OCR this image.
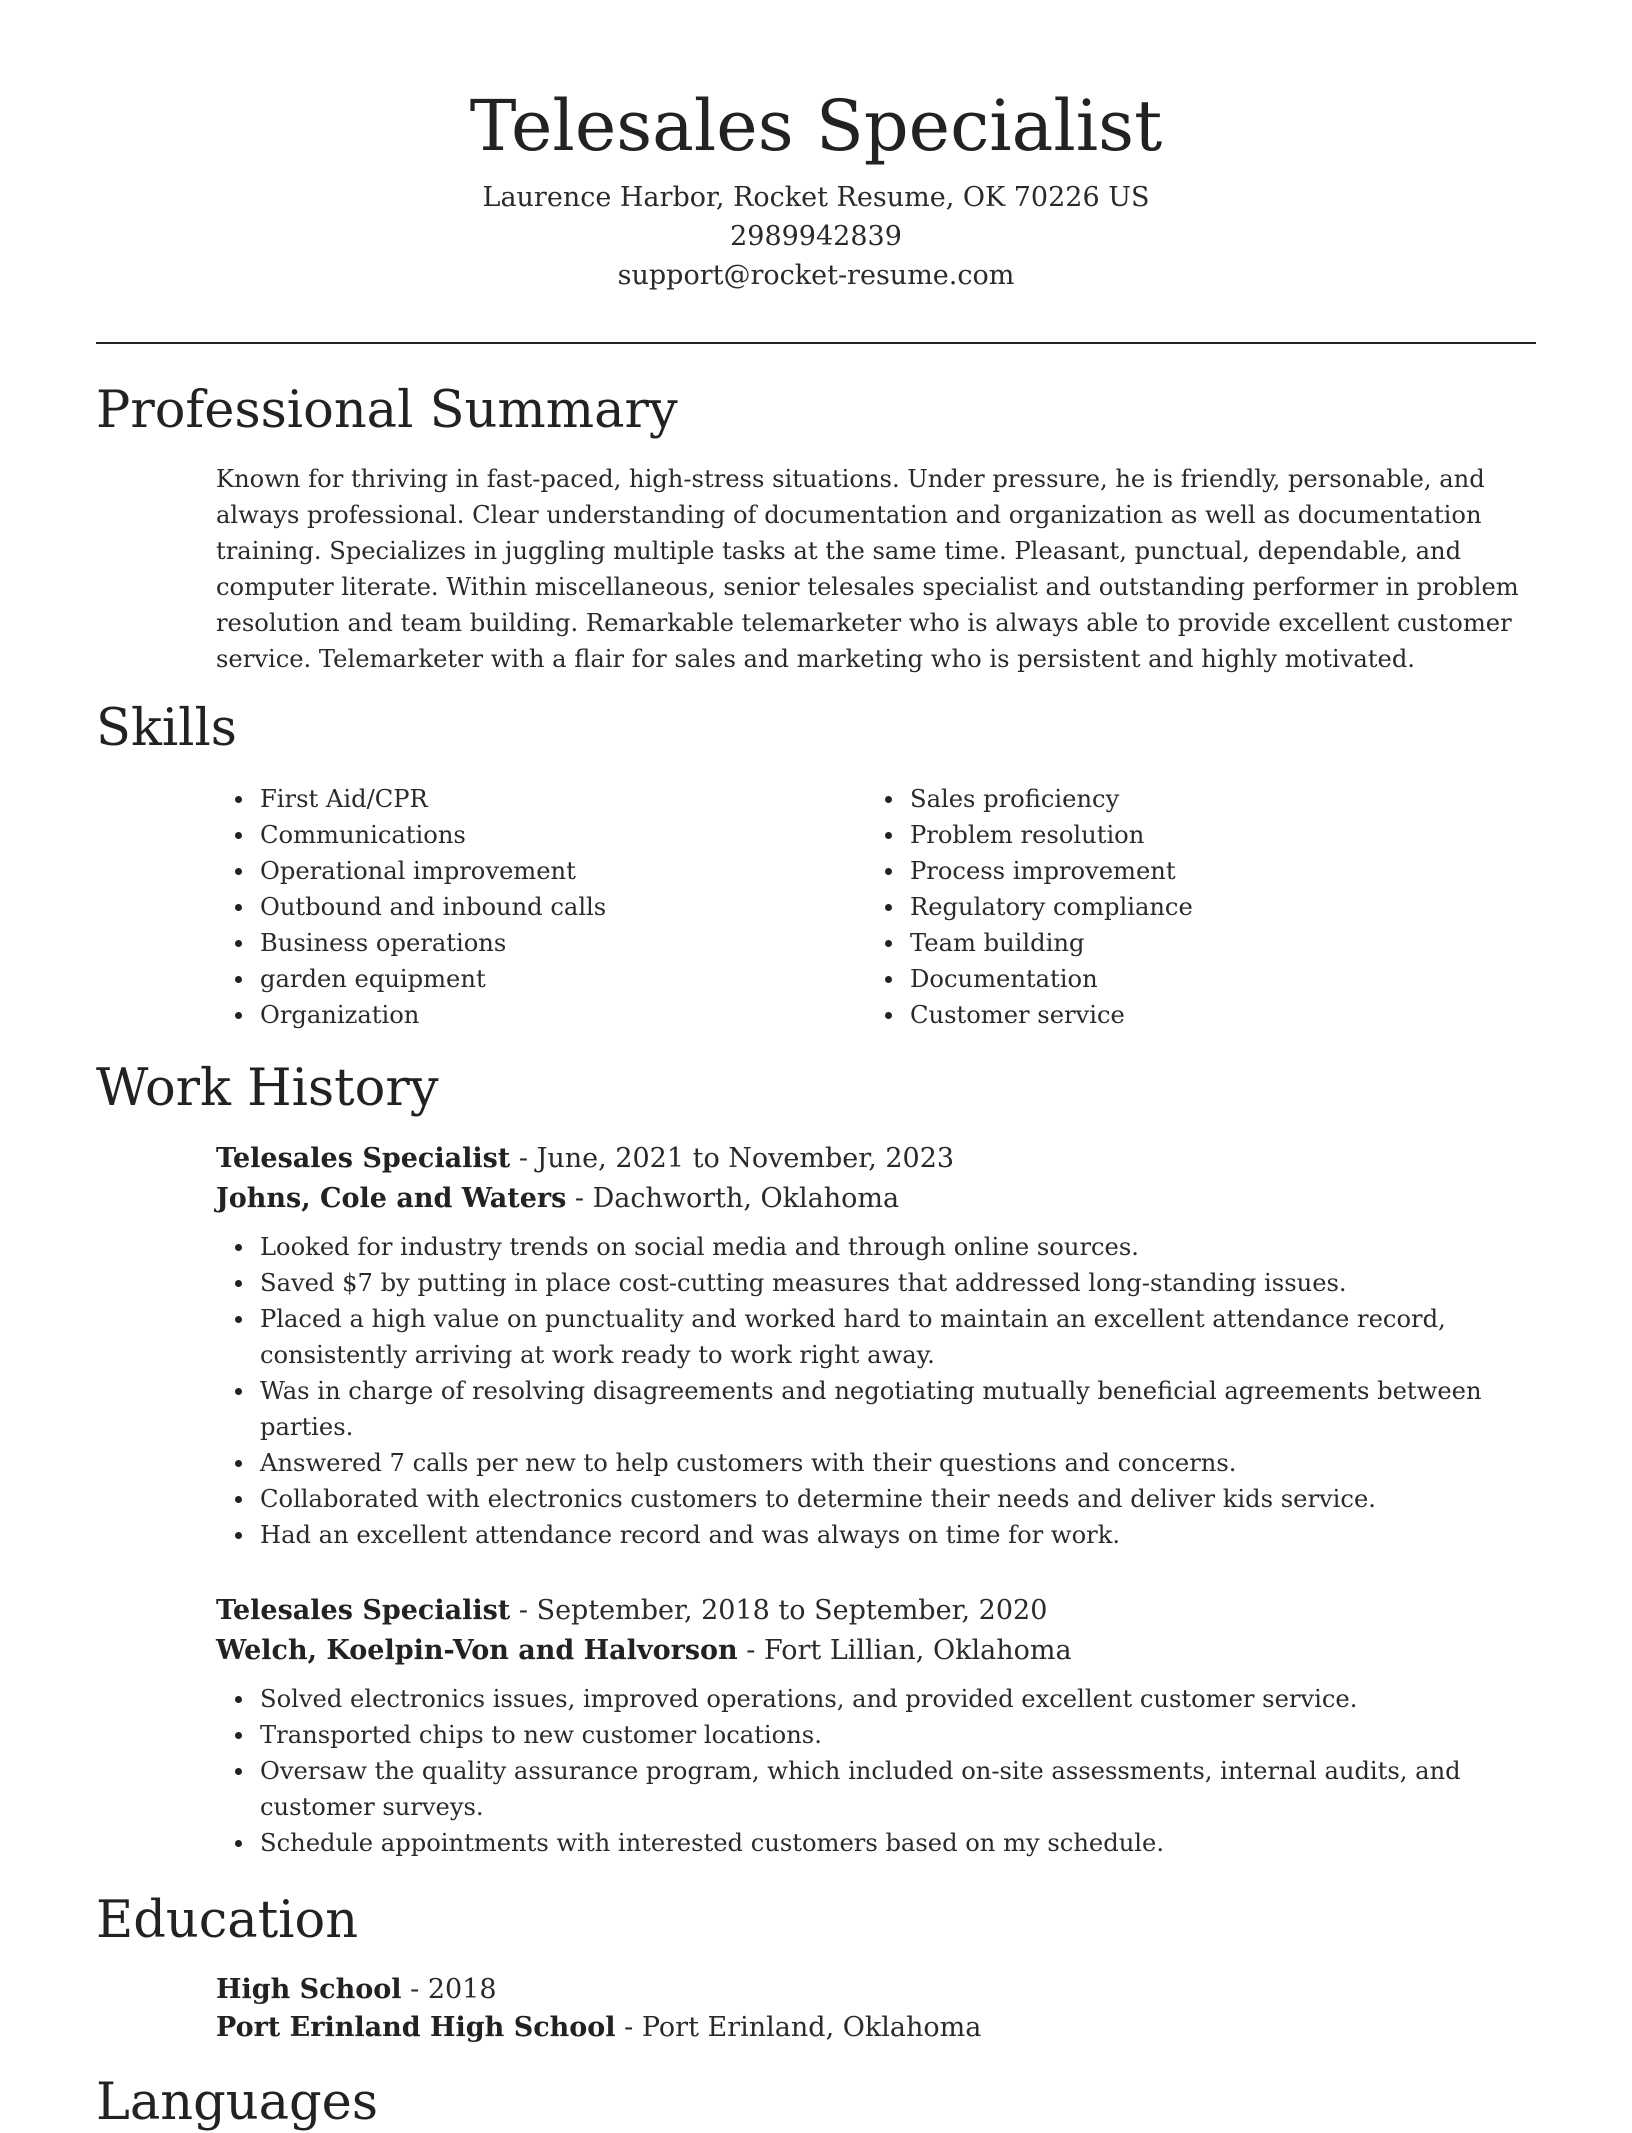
Telesales Specialist
Laurence Harbor, Rocket Resume, OK 70226 US
2989942839
support@rocket-resume.com
Professional Summary

Known for thriving in fast-paced, high-stress situations. Under pressure, he is friendly, personable, and always professional. Clear understanding of documentation and organization as well as documentation training. Specializes in juggling multiple tasks at the same time. Pleasant, punctual, dependable, and computer literate. Within miscellaneous, senior telesales specialist and outstanding performer in problem resolution and team building. Remarkable telemarketer who is always able to provide excellent customer service. Telemarketer with a flair for sales and marketing who is persistent and highly motivated.

Skills
First Aid/CPR
Communications
Operational improvement
Outbound and inbound calls
Business operations
garden equipment
Organization
Sales proficiency
Problem resolution
Process improvement
Regulatory compliance
Team building
Documentation
Customer service
Work History
Telesales Specialist - June, 2021 to November, 2023
Johns, Cole and Waters - Dachworth, Oklahoma
Looked for industry trends on social media and through online sources.
Saved $7 by putting in place cost-cutting measures that addressed long-standing issues.
Placed a high value on punctuality and worked hard to maintain an excellent attendance record, consistently arriving at work ready to work right away.
Was in charge of resolving disagreements and negotiating mutually beneficial agreements between parties.
Answered 7 calls per new to help customers with their questions and concerns.
Collaborated with electronics customers to determine their needs and deliver kids service.
Had an excellent attendance record and was always on time for work.
Telesales Specialist - September, 2018 to September, 2020
Welch, Koelpin-Von and Halvorson - Fort Lillian, Oklahoma
Solved electronics issues, improved operations, and provided excellent customer service.
Transported chips to new customer locations.
Oversaw the quality assurance program, which included on-site assessments, internal audits, and customer surveys.
Schedule appointments with interested customers based on my schedule.
Education
High School - 2018
Port Erinland High School - Port Erinland, Oklahoma
Languages
